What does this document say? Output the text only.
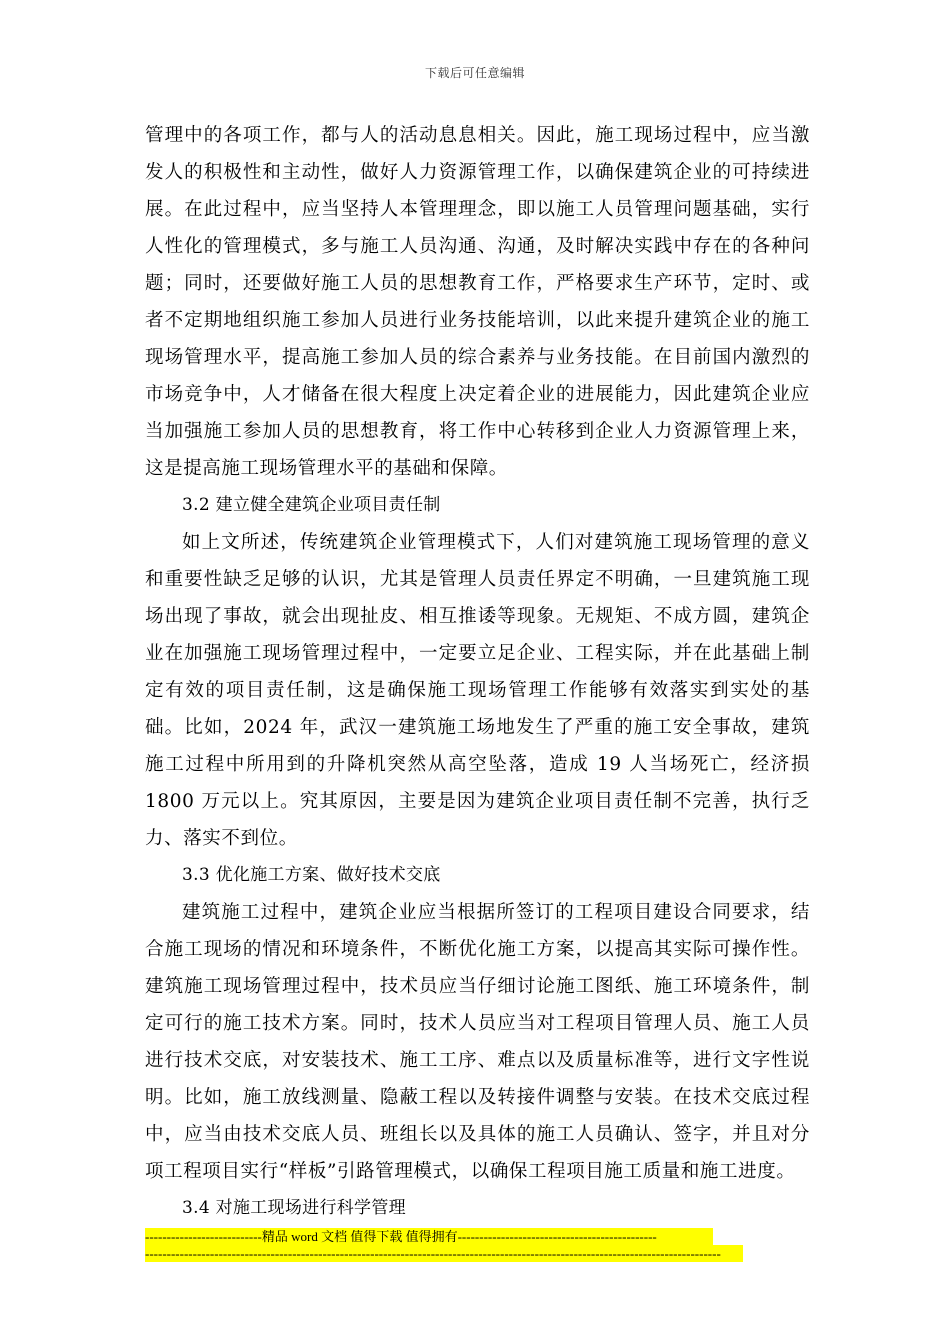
下载后可任意编辑

管理中的各项工作，都与人的活动息息相关。因此，施工现场过程中，应当激发人的积极性和主动性，做好人力资源管理工作，以确保建筑企业的可持续进展。在此过程中，应当坚持人本管理理念，即以施工人员管理问题基础，实行人性化的管理模式，多与施工人员沟通、沟通，及时解决实践中存在的各种问题；同时，还要做好施工人员的思想教育工作，严格要求生产环节，定时、或者不定期地组织施工参加人员进行业务技能培训，以此来提升建筑企业的施工现场管理水平，提高施工参加人员的综合素养与业务技能。在目前国内激烈的市场竞争中，人才储备在很大程度上决定着企业的进展能力，因此建筑企业应当加强施工参加人员的思想教育，将工作中心转移到企业人力资源管理上来，这是提高施工现场管理水平的基础和保障。

3.2 建立健全建筑企业项目责任制

如上文所述，传统建筑企业管理模式下，人们对建筑施工现场管理的意义和重要性缺乏足够的认识，尤其是管理人员责任界定不明确，一旦建筑施工现场出现了事故，就会出现扯皮、相互推诿等现象。无规矩、不成方圆，建筑企业在加强施工现场管理过程中，一定要立足企业、工程实际，并在此基础上制定有效的项目责任制，这是确保施工现场管理工作能够有效落实到实处的基础。比如，2024 年，武汉一建筑施工场地发生了严重的施工安全事故，建筑施工过程中所用到的升降机突然从高空坠落，造成 19 人当场死亡，经济损 1800 万元以上。究其原因，主要是因为建筑企业项目责任制不完善，执行乏力、落实不到位。

3.3 优化施工方案、做好技术交底

建筑施工过程中，建筑企业应当根据所签订的工程项目建设合同要求，结合施工现场的情况和环境条件，不断优化施工方案，以提高其实际可操作性。建筑施工现场管理过程中，技术员应当仔细讨论施工图纸、施工环境条件，制定可行的施工技术方案。同时，技术人员应当对工程项目管理人员、施工人员进行技术交底，对安装技术、施工工序、难点以及质量标准等，进行文字性说明。比如，施工放线测量、隐蔽工程以及转接件调整与安装。在技术交底过程中，应当由技术交底人员、班组长以及具体的施工人员确认、签字，并且对分项工程项目实行“样板”引路管理模式，以确保工程项目施工质量和施工进度。

3.4 对施工现场进行科学管理

---------------------------精品 word 文档 值得下载 值得拥有----------------------------------------------
-------------------------------------------------------------------------------------------------------------------------------------
